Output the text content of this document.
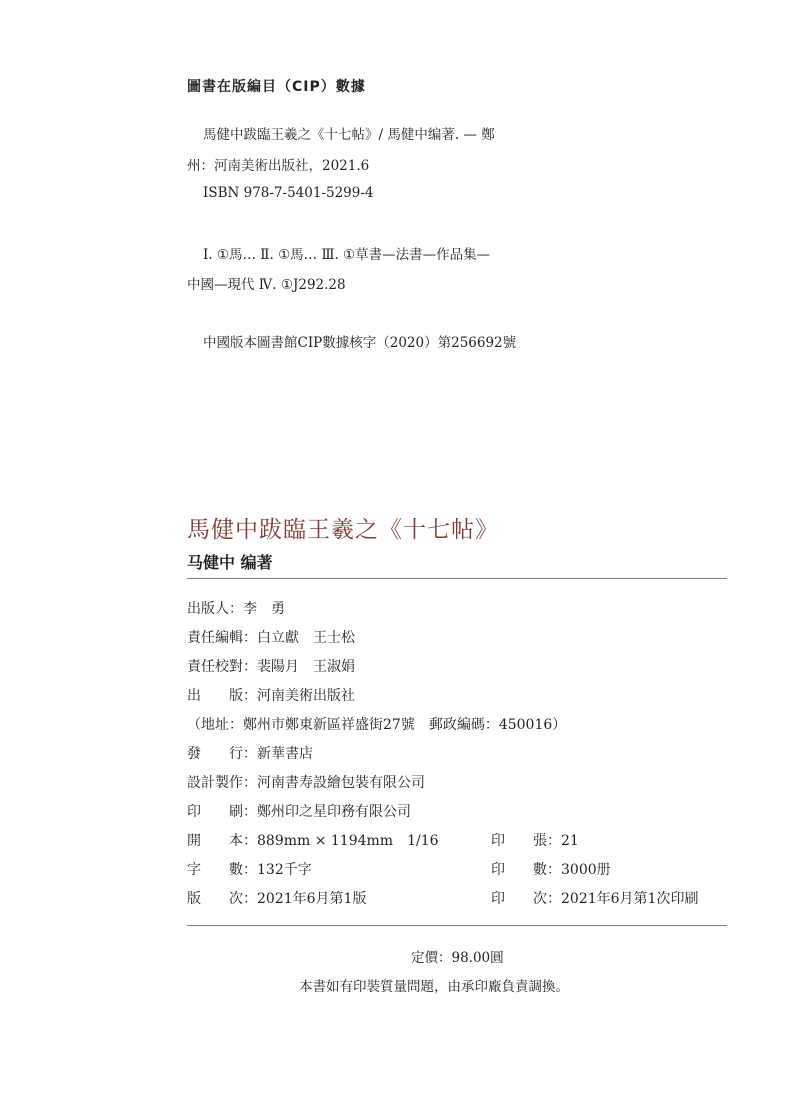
圖書在版編目（CIP）數據
馬健中跋臨王羲之《十七帖》/ 馬健中编著. — 鄭
州：河南美術出版社，2021.6
ISBN 978-7-5401-5299-4
Ⅰ. ①馬… Ⅱ. ①馬… Ⅲ. ①草書—法書—作品集—
中國—現代 Ⅳ. ①J292.28
中國版本圖書館CIP數據核字（2020）第256692號
馬健中跋臨王羲之《十七帖》
马健中 编著
出版人：李　勇
責任編輯：白立獻　王士松
責任校對：裴陽月　王淑娟
出　　版：河南美術出版社
（地址：鄭州市鄭東新區祥盛街27號　郵政編碼：450016）
發　　行：新華書店
設計製作：河南書寿設繪包裝有限公司
印　　刷：鄭州印之星印務有限公司
開　　本：889mm × 1194mm　1/16	印　　張：21
字　　數：132千字	印　　數：3000册
版　　次：2021年6月第1版	印　　次：2021年6月第1次印刷
定價：98.00圓
本書如有印裝質量問題，由承印廠負責調換。
